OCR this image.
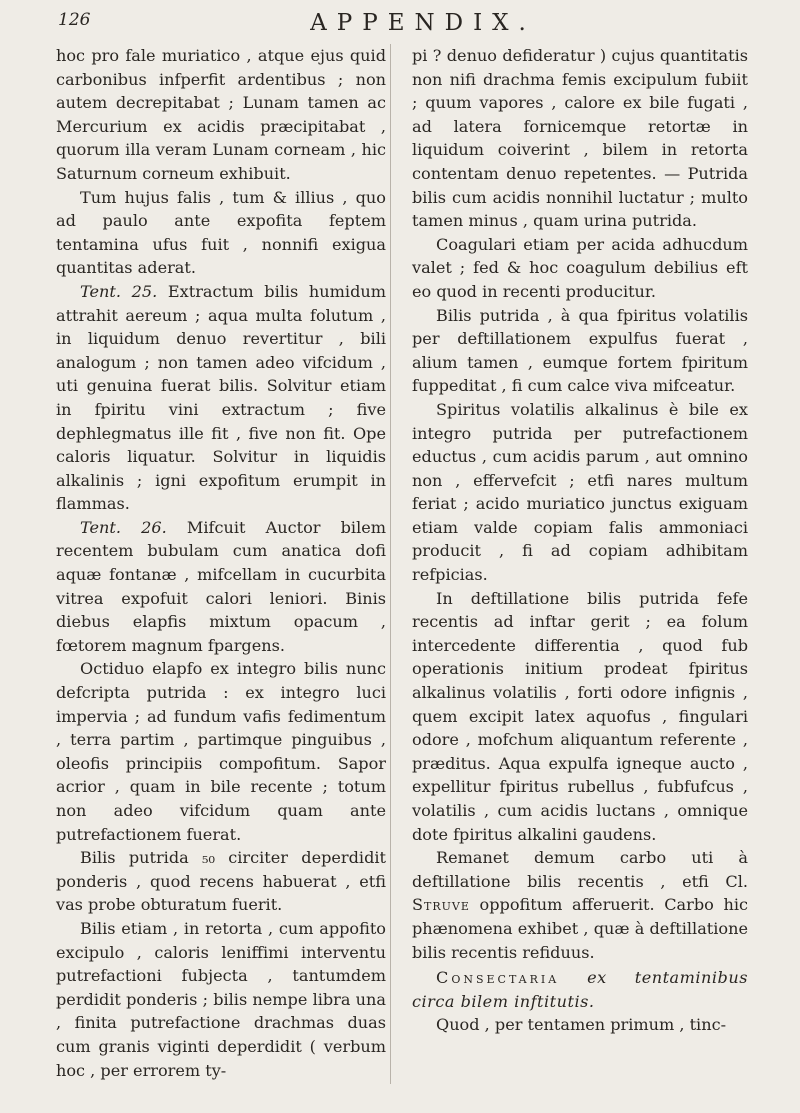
126	APPENDIX.

hoc pro fale muriatico , atque ejus quid carbonibus infperfit ardentibus ; non autem decrepitabat ; Lunam tamen ac Mercurium ex acidis præcipitabat , quorum illa veram Lunam corneam , hic Saturnum corneum exhibuit.

Tum hujus falis , tum & illius , quo ad paulo ante expofita feptem tentamina ufus fuit , nonnifi exigua quantitas aderat.

Tent. 25. Extractum bilis humidum attrahit aereum ; aqua multa folutum , in liquidum denuo revertitur , bili analogum ; non tamen adeo vifcidum , uti genuina fuerat bilis. Solvitur etiam in fpiritu vini extractum ; five dephlegmatus ille fit , five non fit. Ope caloris liquatur. Solvitur in liquidis alkalinis ; igni expofitum erumpit in flammas.

Tent. 26. Mifcuit Auctor bilem recentem bubulam cum anatica dofi aquæ fontanæ , mifcellam in cucurbita vitrea expofuit calori leniori. Binis diebus elapfis mixtum opacum , fœtorem magnum fpargens.

Octiduo elapfo ex integro bilis nunc defcripta putrida : ex integro luci impervia ; ad fundum vafis fedimentum , terra partim , partimque pinguibus , oleofis principiis compofitum. Sapor acrior , quam in bile recente ; totum non adeo vifcidum quam ante putrefactionem fuerat.

Bilis putrida ₅₀ circiter deperdidit ponderis , quod recens habuerat , etfi vas probe obturatum fuerit.

Bilis etiam , in retorta , cum appofito excipulo , caloris leniffimi interventu putrefactioni fubjecta , tantumdem perdidit ponderis ; bilis nempe libra una , finita putrefactione drachmas duas cum granis viginti deperdidit ( verbum hoc , per errorem ty-

pi ? denuo defideratur ) cujus quantitatis non nifi drachma femis excipulum fubiit ; quum vapores , calore ex bile fugati , ad latera fornicemque retortæ in liquidum coiverint , bilem in retorta contentam denuo repetentes. — Putrida bilis cum acidis nonnihil luctatur ; multo tamen minus , quam urina putrida.

Coagulari etiam per acida adhucdum valet ; fed & hoc coagulum debilius eft eo quod in recenti producitur.

Bilis putrida , à qua fpiritus volatilis per deftillationem expulfus fuerat , alium tamen , eumque fortem fpiritum fuppeditat , fi cum calce viva mifceatur.

Spiritus volatilis alkalinus è bile ex integro putrida per putrefactionem eductus , cum acidis parum , aut omnino non , effervefcit ; etfi nares multum feriat ; acido muriatico junctus exiguam etiam valde copiam falis ammoniaci producit , fi ad copiam adhibitam refpicias.

In deftillatione bilis putrida fefe recentis ad inftar gerit ; ea folum intercedente differentia , quod fub operationis initium prodeat fpiritus alkalinus volatilis , forti odore infignis , quem excipit latex aquofus , fingulari odore , mofchum aliquantum referente , præditus. Aqua expulfa igneque aucto , expellitur fpiritus rubellus , fubfufcus , volatilis , cum acidis luctans , omnique dote fpiritus alkalini gaudens.

Remanet demum carbo uti à deftillatione bilis recentis , etfi Cl. Struve oppofitum afferuerit. Carbo hic phænomena exhibet , quæ à deftillatione bilis recentis refiduus.

Consectaria ex tentaminibus circa bilem inftitutis.

Quod , per tentamen primum , tinc-
